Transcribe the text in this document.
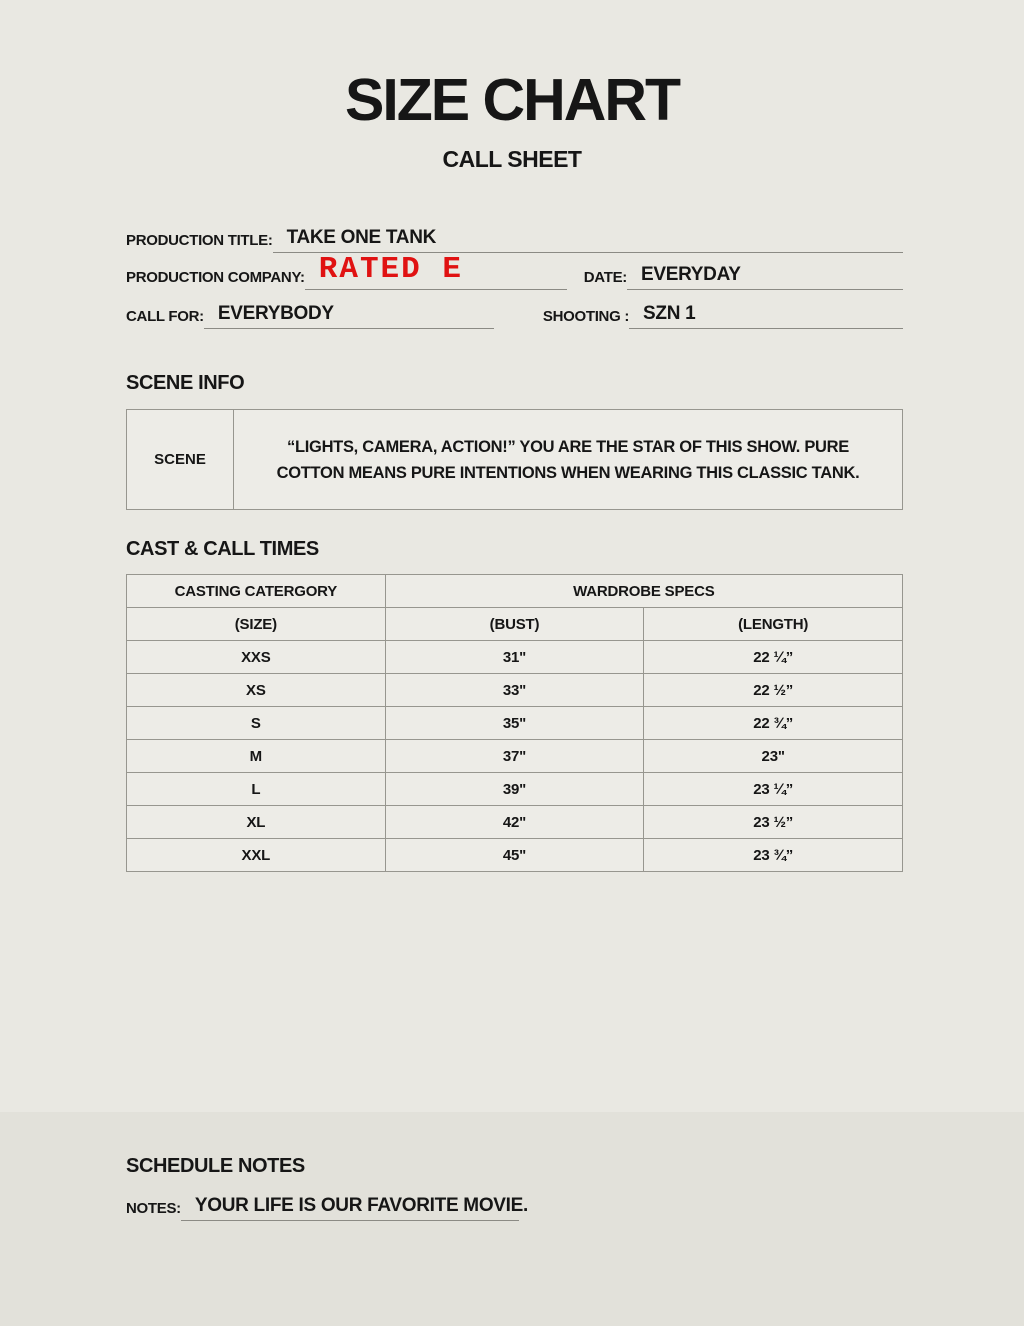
SIZE CHART
CALL SHEET
PRODUCTION TITLE: TAKE ONE TANK
PRODUCTION COMPANY: RATED E	DATE: EVERYDAY
CALL FOR: EVERYBODY	SHOOTING : SZN 1
SCENE INFO
SCENE
“LIGHTS, CAMERA, ACTION!” YOU ARE THE STAR OF THIS SHOW. PURE COTTON MEANS PURE INTENTIONS WHEN WEARING THIS CLASSIC TANK.
CAST & CALL TIMES
CASTING CATERGORY	WARDROBE SPECS	
(SIZE)	(BUST)	(LENGTH)
XXS	31"	22 ¼”
XS	33"	22 ½”
S	35"	22 ¾”
M	37"	23"
L	39"	23 ¼”
XL	42"	23 ½”
XXL	45"	23 ¾”
SCHEDULE NOTES
NOTES: YOUR LIFE IS OUR FAVORITE MOVIE.
